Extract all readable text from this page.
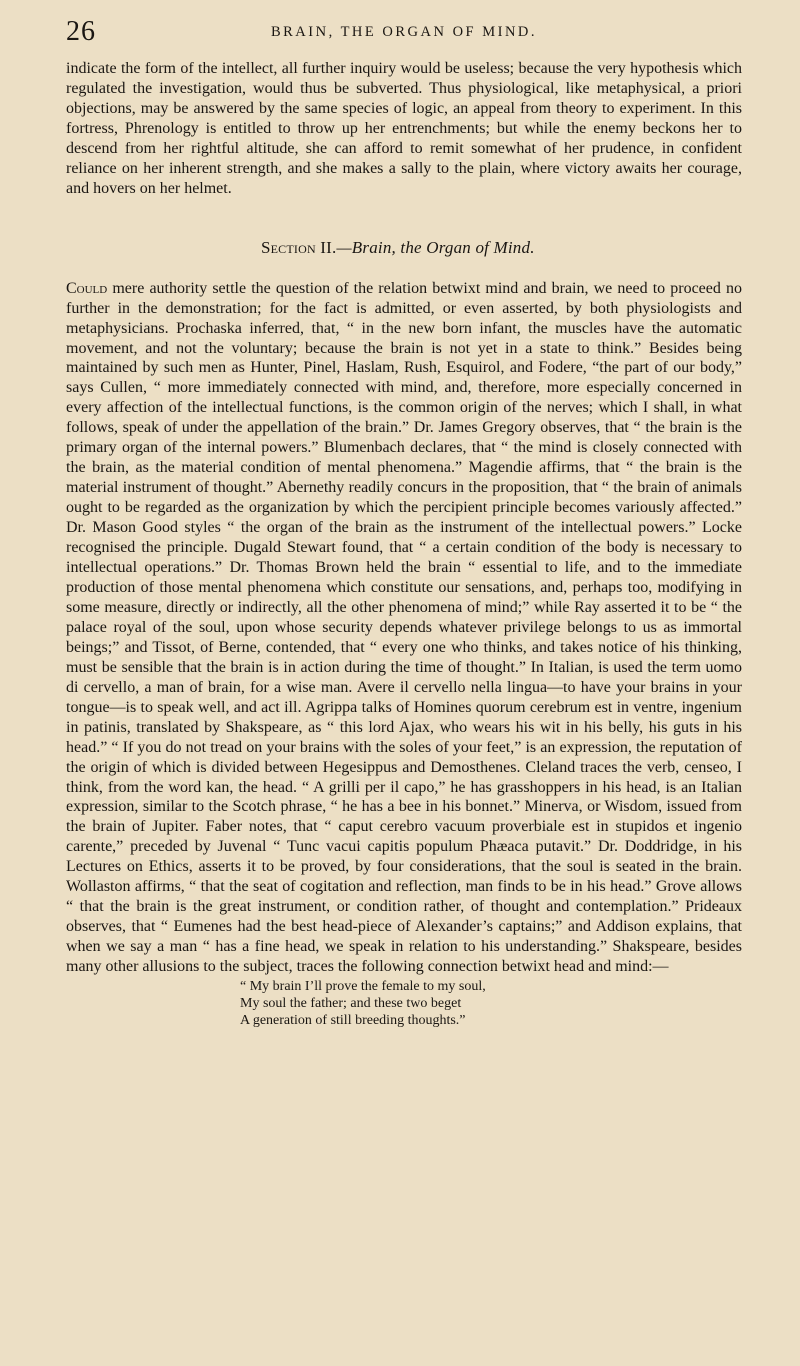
26	BRAIN, THE ORGAN OF MIND.

indicate the form of the intellect, all further inquiry would be useless; because the very hypothesis which regulated the investigation, would thus be subverted. Thus physiological, like metaphysical, a priori objections, may be answered by the same species of logic, an appeal from theory to experiment. In this fortress, Phrenology is entitled to throw up her entrenchments; but while the enemy beckons her to descend from her rightful altitude, she can afford to remit somewhat of her prudence, in confident reliance on her inherent strength, and she makes a sally to the plain, where victory awaits her courage, and hovers on her helmet.

Section II.—Brain, the Organ of Mind.

Could mere authority settle the question of the relation betwixt mind and brain, we need to proceed no further in the demonstration; for the fact is admitted, or even asserted, by both physiologists and metaphysicians. Prochaska inferred, that, “ in the new born infant, the muscles have the automatic movement, and not the voluntary; because the brain is not yet in a state to think.” Besides being maintained by such men as Hunter, Pinel, Haslam, Rush, Esquirol, and Fodere, “the part of our body,” says Cullen, “ more immediately connected with mind, and, therefore, more especially concerned in every affection of the intellectual functions, is the common origin of the nerves; which I shall, in what follows, speak of under the appellation of the brain.” Dr. James Gregory observes, that “ the brain is the primary organ of the internal powers.” Blumenbach declares, that “ the mind is closely connected with the brain, as the material condition of mental phenomena.” Magendie affirms, that “ the brain is the material instrument of thought.” Abernethy readily concurs in the proposition, that “ the brain of animals ought to be regarded as the organization by which the percipient principle becomes variously affected.” Dr. Mason Good styles “ the organ of the brain as the instrument of the intellectual powers.” Locke recognised the principle. Dugald Stewart found, that “ a certain condition of the body is necessary to intellectual operations.” Dr. Thomas Brown held the brain “ essential to life, and to the immediate production of those mental phenomena which constitute our sensations, and, perhaps too, modifying in some measure, directly or indirectly, all the other phenomena of mind;” while Ray asserted it to be “ the palace royal of the soul, upon whose security depends whatever privilege belongs to us as immortal beings;” and Tissot, of Berne, contended, that “ every one who thinks, and takes notice of his thinking, must be sensible that the brain is in action during the time of thought.” In Italian, is used the term uomo di cervello, a man of brain, for a wise man. Avere il cervello nella lingua—to have your brains in your tongue—is to speak well, and act ill. Agrippa talks of Homines quorum cerebrum est in ventre, ingenium in patinis, translated by Shakspeare, as “ this lord Ajax, who wears his wit in his belly, his guts in his head.” “ If you do not tread on your brains with the soles of your feet,” is an expression, the reputation of the origin of which is divided between Hegesippus and Demosthenes. Cleland traces the verb, censeo, I think, from the word kan, the head. “ A grilli per il capo,” he has grasshoppers in his head, is an Italian expression, similar to the Scotch phrase, “ he has a bee in his bonnet.” Minerva, or Wisdom, issued from the brain of Jupiter. Faber notes, that “ caput cerebro vacuum proverbiale est in stupidos et ingenio carente,” preceded by Juvenal “ Tunc vacui capitis populum Phæaca putavit.” Dr. Doddridge, in his Lectures on Ethics, asserts it to be proved, by four considerations, that the soul is seated in the brain. Wollaston affirms, “ that the seat of cogitation and reflection, man finds to be in his head.” Grove allows “ that the brain is the great instrument, or condition rather, of thought and contemplation.” Prideaux observes, that “ Eumenes had the best head-piece of Alexander’s captains;” and Addison explains, that when we say a man “ has a fine head, we speak in relation to his understanding.” Shakspeare, besides many other allusions to the subject, traces the following connection betwixt head and mind:—

“ My brain I’ll prove the female to my soul,
My soul the father; and these two beget
A generation of still breeding thoughts.”
